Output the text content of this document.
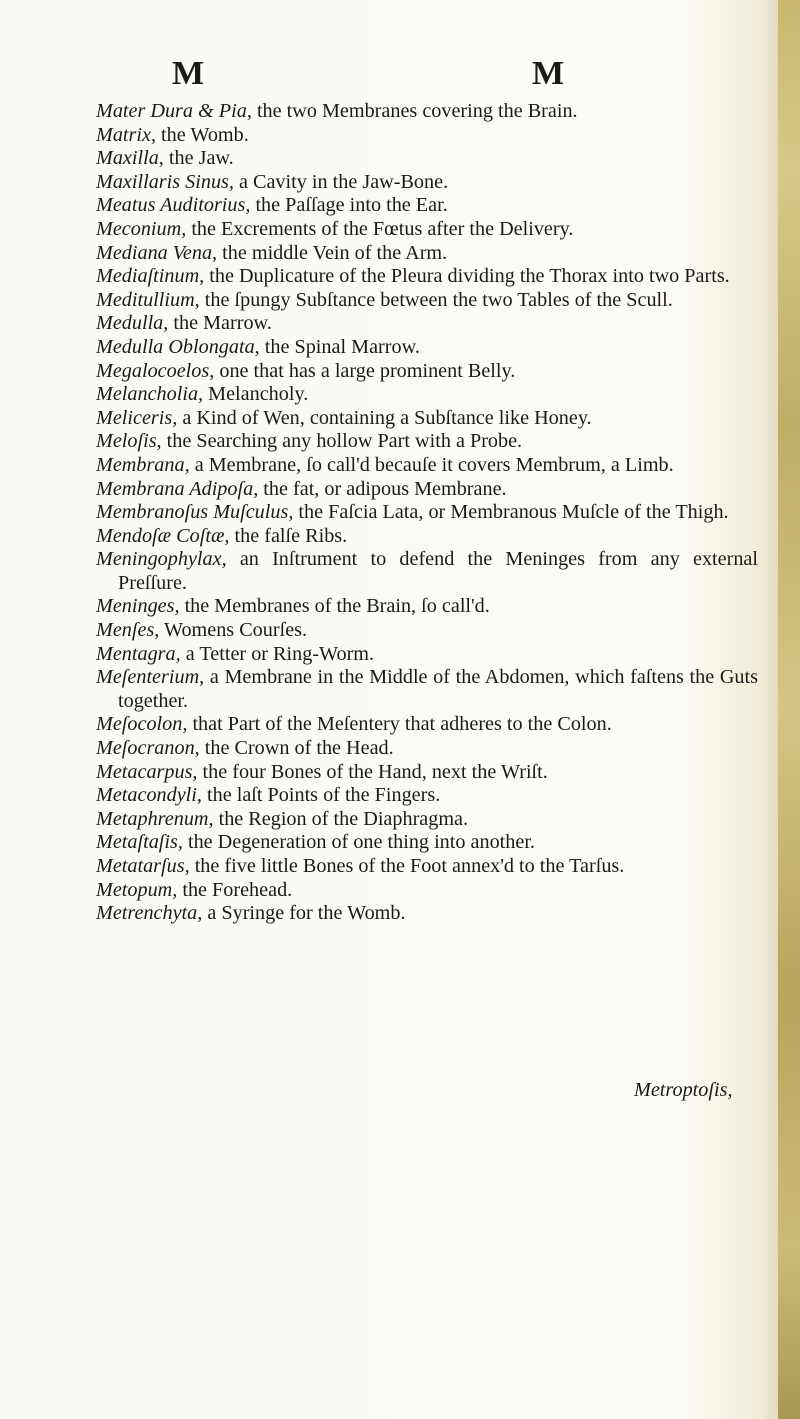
M	M

Mater Dura & Pia, the two Membranes covering the Brain.

Matrix, the Womb.

Maxilla, the Jaw.

Maxillaris Sinus, a Cavity in the Jaw-Bone.

Meatus Auditorius, the Paſſage into the Ear.

Meconium, the Excrements of the Fœtus after the Delivery.

Mediana Vena, the middle Vein of the Arm.

Mediaſtinum, the Duplicature of the Pleura dividing the Thorax into two Parts.

Meditullium, the ſpungy Subſtance between the two Tables of the Scull.

Medulla, the Marrow.

Medulla Oblongata, the Spinal Marrow.

Megalocoelos, one that has a large prominent Belly.

Melancholia, Melancholy.

Meliceris, a Kind of Wen, containing a Subſtance like Honey.

Meloſis, the Searching any hollow Part with a Probe.

Membrana, a Membrane, ſo call'd becauſe it covers Membrum, a Limb.

Membrana Adipoſa, the fat, or adipous Membrane.

Membranoſus Muſculus, the Faſcia Lata, or Membranous Muſcle of the Thigh.

Mendoſæ Coſtæ, the falſe Ribs.

Meningophylax, an Inſtrument to defend the Meninges from any external Preſſure.

Meninges, the Membranes of the Brain, ſo call'd.

Menſes, Womens Courſes.

Mentagra, a Tetter or Ring-Worm.

Meſenterium, a Membrane in the Middle of the Abdomen, which faſtens the Guts together.

Meſocolon, that Part of the Meſentery that adheres to the Colon.

Meſocranon, the Crown of the Head.

Metacarpus, the four Bones of the Hand, next the Wriſt.

Metacondyli, the laſt Points of the Fingers.

Metaphrenum, the Region of the Diaphragma.

Metaſtaſis, the Degeneration of one thing into another.

Metatarſus, the five little Bones of the Foot annex'd to the Tarſus.

Metopum, the Forehead.

Metrenchyta, a Syringe for the Womb.

Metroptoſis,
